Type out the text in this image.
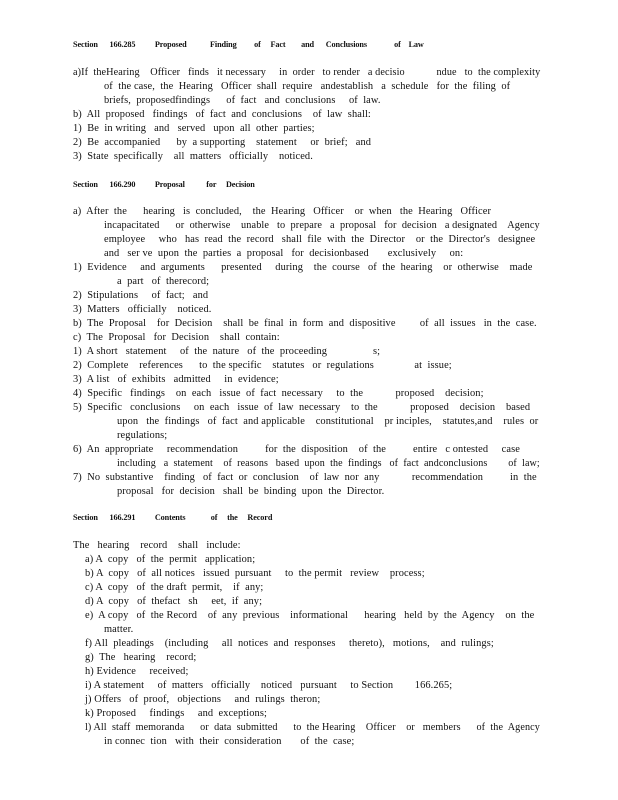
Section      166.285          Proposed            Finding         of     Fact        and      Conclusions              of    Law
a)If  theHearing    Officer   finds   it necessary     in  order   to render   a decisio            ndue   to  the complexity
of  the case,  the  Hearing   Officer  shall  require   andestablish   a  schedule   for  the  filing  of
briefs,  proposedfindings      of  fact   and  conclusions     of  law.
b)  All  proposed   findings   of  fact  and  conclusions    of  law  shall:
1)  Be  in writing   and   served   upon  all  other  parties;
2)  Be  accompanied      by  a supporting    statement     or  brief;   and
3)  State  specifically    all  matters   officially    noticed.
Section      166.290          Proposal           for     Decision
a)  After  the      hearing   is  concluded,    the  Hearing   Officer    or  when   the  Hearing   Officer
incapacitated      or  otherwise    unable   to  prepare   a  proposal   for  decision   a designated    Agency
employee     who   has  read  the  record   shall  file  with  the  Director    or  the  Director's   designee
and   ser ve  upon  the  parties  a  proposal   for  decisionbased       exclusively     on:
1)  Evidence     and  arguments      presented     during    the  course   of  the  hearing    or  otherwise    made
a  part   of  therecord;
2)  Stipulations     of  fact;   and
3)  Matters   officially    noticed.
b)  The  Proposal    for  Decision    shall  be  final  in  form  and  dispositive         of  all  issues   in  the  case.
c)  The  Proposal   for  Decision    shall  contain:
1)  A short   statement     of  the  nature   of  the  proceeding                 s;
2)  Complete    references      to  the specific    statutes   or  regulations               at  issue;
3)  A list   of  exhibits   admitted     in  evidence;
4)  Specific   findings    on  each   issue  of  fact  necessary     to  the            proposed    decision;
5)  Specific   conclusions     on  each   issue  of  law  necessary    to  the            proposed    decision    based
upon   the  findings   of  fact  and applicable    constitutional    pr inciples,    statutes,and    rules  or
regulations;
6)  An  appropriate     recommendation          for  the  disposition    of  the          entire   c ontested     case
including   a  statement    of  reasons   based  upon  the  findings   of  fact  andconclusions        of  law;
7)  No  substantive    finding   of  fact  or  conclusion    of  law  nor  any            recommendation          in  the
proposal   for  decision   shall  be  binding  upon  the  Director.
Section      166.291          Contents             of     the     Record
The   hearing    record    shall   include:
a) A  copy   of  the  permit   application;
b) A  copy   of  all notices   issued  pursuant     to  the permit   review    process;
c) A  copy   of  the draft  permit,    if  any;
d) A  copy   of  thefact   sh     eet,  if  any;
e)  A copy   of  the Record    of  any  previous    informational      hearing   held  by  the  Agency    on  the
matter.
f) All  pleadings    (including     all  notices  and  responses     thereto),   motions,    and  rulings;
g)  The   hearing    record;
h) Evidence     received;
i) A statement     of  matters   officially    noticed   pursuant     to Section        166.265;
j) Offers   of  proof,   objections     and  rulings  theron;
k) Proposed     findings     and  exceptions;
l) All  staff  memoranda      or  data  submitted      to  the Hearing    Officer    or   members      of  the  Agency
in connec  tion   with  their  consideration       of  the  case;
